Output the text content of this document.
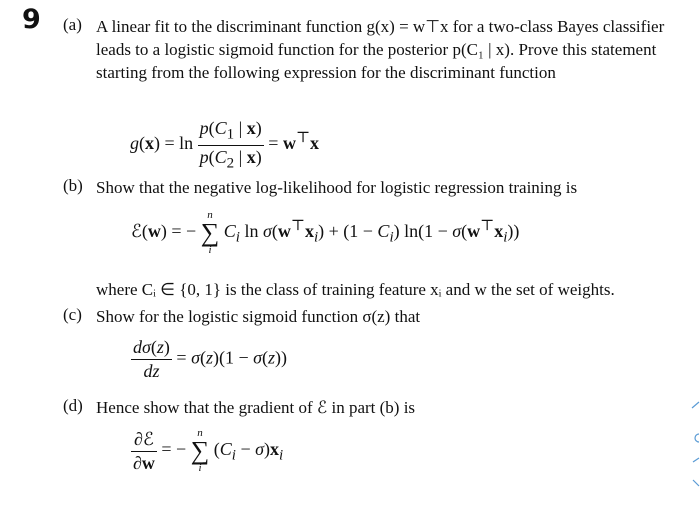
9 (a) A linear fit to the discriminant function g(x) = w⊤x for a two-class Bayes classifier leads to a logistic sigmoid function for the posterior p(C₁ | x). Prove this statement starting from the following expression for the discriminant function

$g(x) = \ln \frac{p(C_1 | x)}{p(C_2 | x)} = w^⊤x$
(b) Show that the negative log-likelihood for logistic regression training is

ℰ(w) = −
n
∑
i
$C_i$ $\ln \sigma(w^⊤x_i) + (1 - C_i) \ln(1 - \sigma(w^⊤x_i))$

where Cᵢ ∈ {0, 1} is the class of training feature xᵢ and w the set of weights.

(c) Show for the logistic sigmoid function σ(z) that

$\frac{d\sigma(z)}{dz} = \sigma(z)(1 - \sigma(z))$
(d) Hence show that the gradient of ℰ in part (b) is

$\frac{\text{∂ℰ}}{\partial w}$ = −
n
∑
i
$(C_i - \sigma)x_i$
